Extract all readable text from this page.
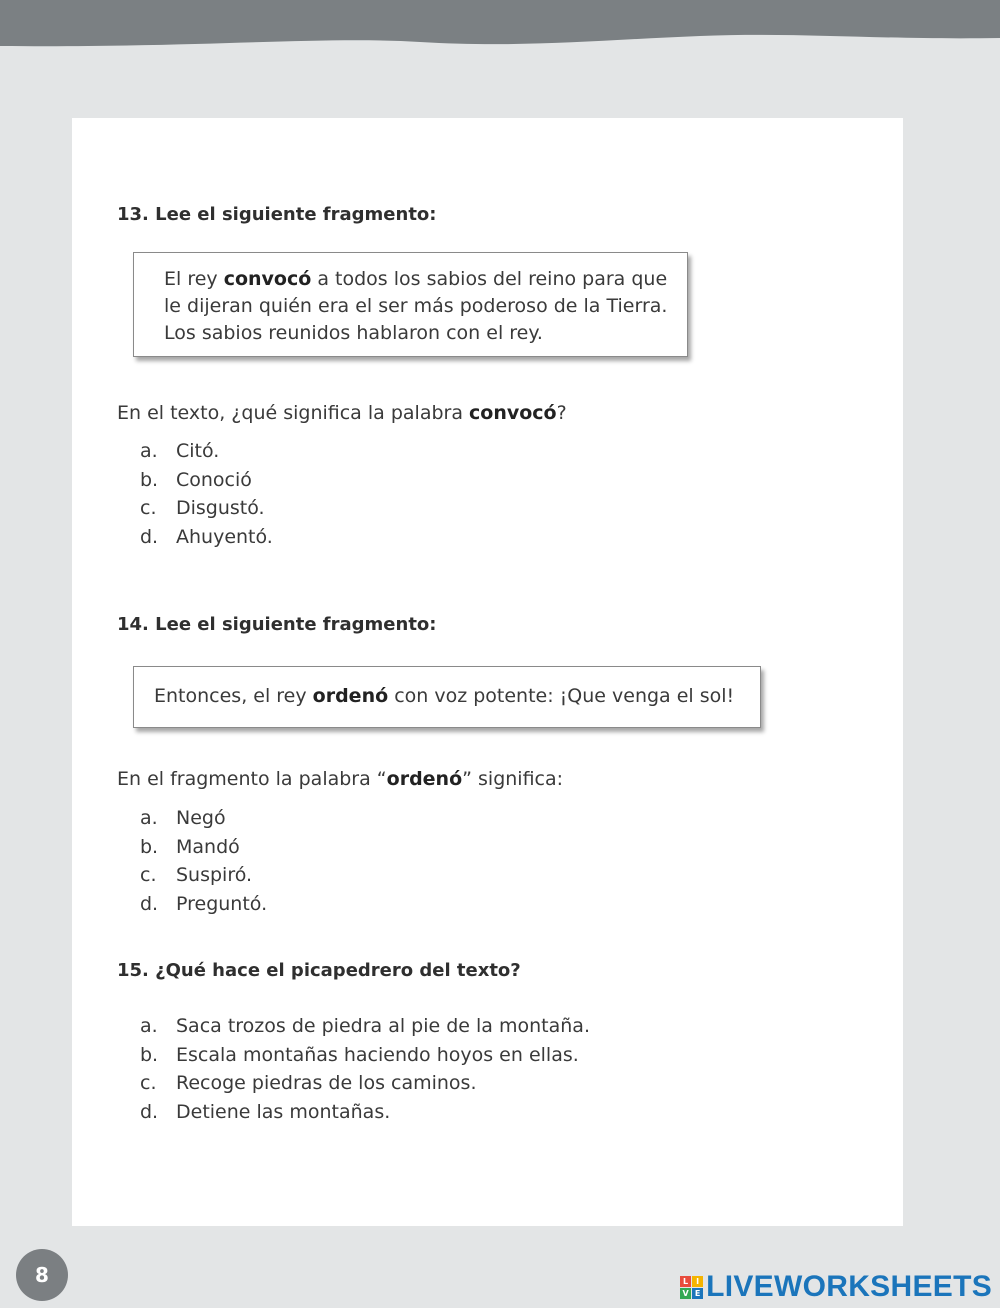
13. Lee el siguiente fragmento:
El rey convocó a todos los sabios del reino para que
le dijeran quién era el ser más poderoso de la Tierra.
Los sabios reunidos hablaron con el rey.
En el texto, ¿qué significa la palabra convocó?
a. Citó.
b. Conoció
c.	Disgustó.
d. Ahuyentó.
14. Lee el siguiente fragmento:
Entonces, el rey ordenó con voz potente: ¡Que venga el sol!
En el fragmento la palabra “ordenó” significa:
a. Negó
b. Mandó
c.	Suspiró.
d. Preguntó.
15. ¿Qué hace el picapedrero del texto?
a. Saca trozos de piedra al pie de la montaña.
b. Escala montañas haciendo hoyos en ellas.
c.	Recoge piedras de los caminos.
d. Detiene las montañas.
8	L I
V E LIVEWORKSHEETS
